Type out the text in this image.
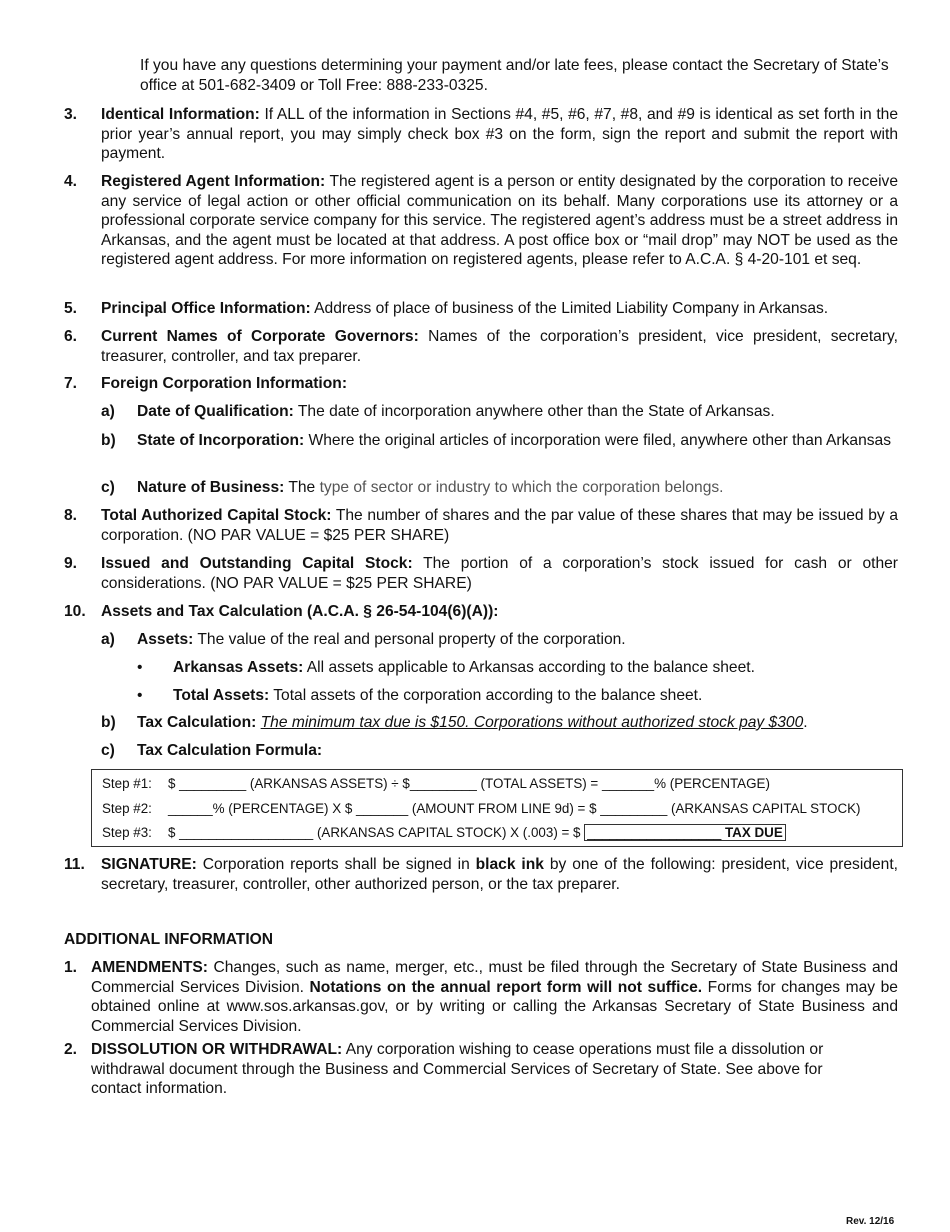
If you have any questions determining your payment and/or late fees, please contact the Secretary of State’s office at 501-682-3409 or Toll Free: 888-233-0325.
3. Identical Information: If ALL of the information in Sections #4, #5, #6, #7, #8, and #9 is identical as set forth in the prior year’s annual report, you may simply check box #3 on the form, sign the report and submit the report with payment.
4. Registered Agent Information: The registered agent is a person or entity designated by the corporation to receive any service of legal action or other official communication on its behalf. Many corporations use its attorney or a professional corporate service company for this service. The registered agent’s address must be a street address in Arkansas, and the agent must be located at that address. A post office box or “mail drop” may NOT be used as the registered agent address. For more information on registered agents, please refer to A.C.A. § 4-20-101 et seq.
5. Principal Office Information: Address of place of business of the Limited Liability Company in Arkansas.
6. Current Names of Corporate Governors: Names of the corporation’s president, vice president, secretary, treasurer, controller, and tax preparer.
7. Foreign Corporation Information:
a) Date of Qualification: The date of incorporation anywhere other than the State of Arkansas.
b) State of Incorporation: Where the original articles of incorporation were filed, anywhere other than Arkansas
c) Nature of Business: The type of sector or industry to which the corporation belongs.
8. Total Authorized Capital Stock: The number of shares and the par value of these shares that may be issued by a corporation. (NO PAR VALUE = $25 PER SHARE)
9. Issued and Outstanding Capital Stock: The portion of a corporation’s stock issued for cash or other considerations. (NO PAR VALUE = $25 PER SHARE)
10. Assets and Tax Calculation (A.C.A. § 26-54-104(6)(A)):
a) Assets: The value of the real and personal property of the corporation.
• Arkansas Assets: All assets applicable to Arkansas according to the balance sheet.
• Total Assets: Total assets of the corporation according to the balance sheet.
b) Tax Calculation: The minimum tax due is $150. Corporations without authorized stock pay $300.
c) Tax Calculation Formula:
Step #1: $ _________ (ARKANSAS ASSETS) ÷ $_________ (TOTAL ASSETS) = _______% (PERCENTAGE)
Step #2: ______% (PERCENTAGE) X $ _______ (AMOUNT FROM LINE 9d) = $ _________ (ARKANSAS CAPITAL STOCK)
Step #3: $ __________________ (ARKANSAS CAPITAL STOCK) X (.003) = $ __________________ TAX DUE
11. SIGNATURE: Corporation reports shall be signed in black ink by one of the following: president, vice president, secretary, treasurer, controller, other authorized person, or the tax preparer.
ADDITIONAL INFORMATION
1. AMENDMENTS: Changes, such as name, merger, etc., must be filed through the Secretary of State Business and Commercial Services Division. Notations on the annual report form will not suffice. Forms for changes may be obtained online at www.sos.arkansas.gov, or by writing or calling the Arkansas Secretary of State Business and Commercial Services Division.
2. DISSOLUTION OR WITHDRAWAL: Any corporation wishing to cease operations must file a dissolution or withdrawal document through the Business and Commercial Services of Secretary of State. See above for contact information.
Rev. 12/16
